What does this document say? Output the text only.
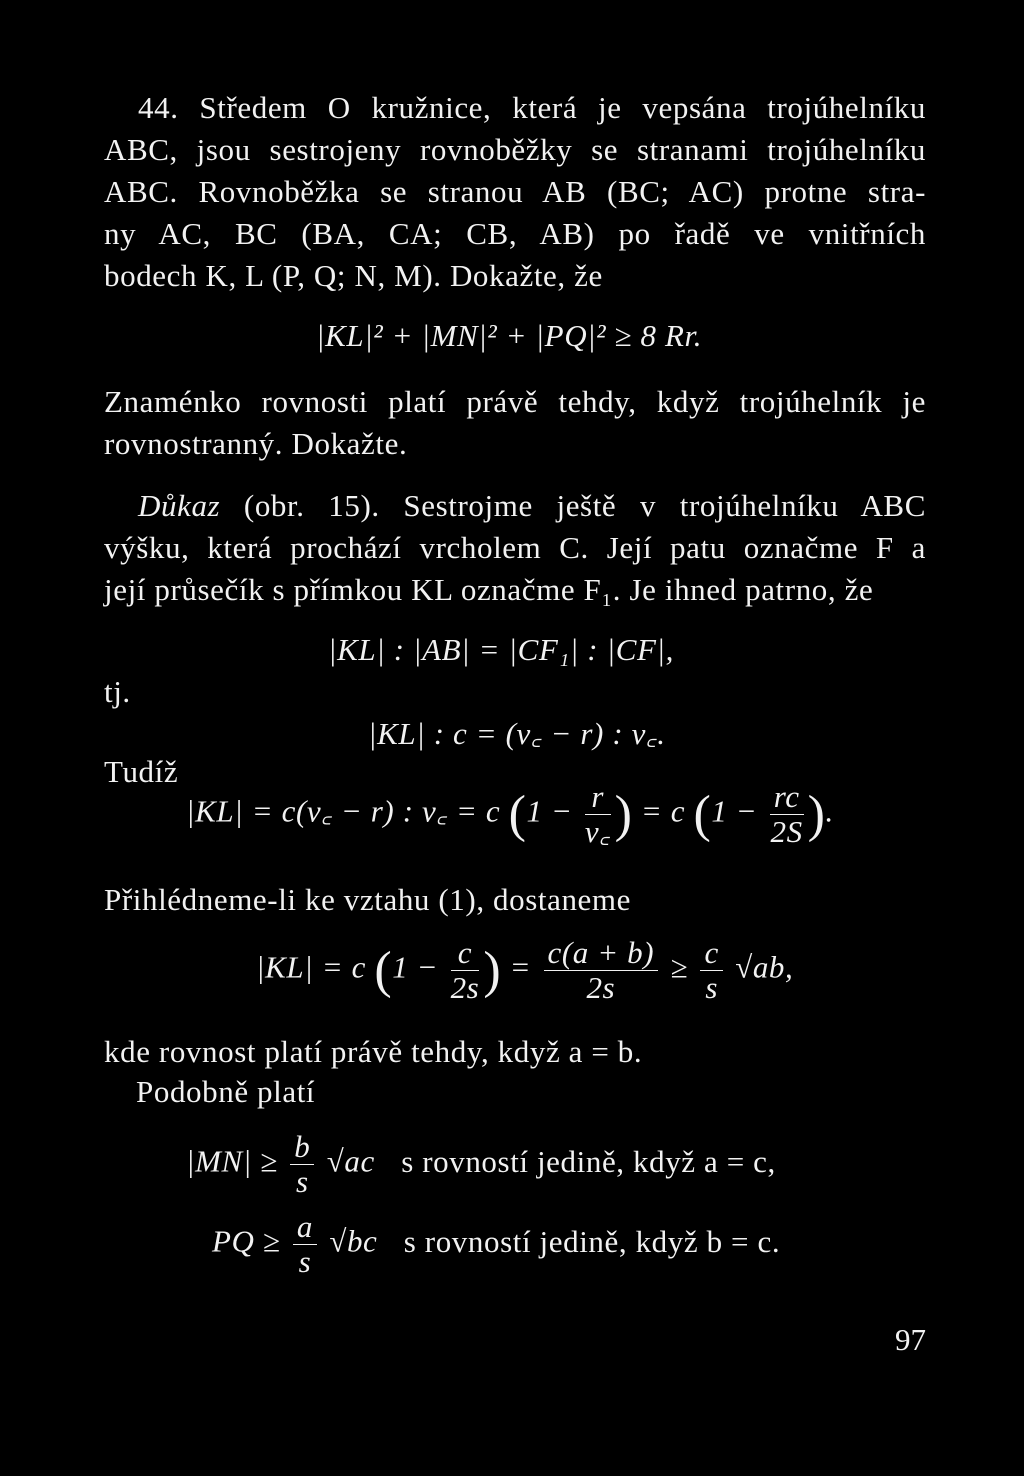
44. Středem O kružnice, která je vepsána trojúhelníku
ABC, jsou sestrojeny rovnoběžky se stranami trojúhelníku
ABC. Rovnoběžka se stranou AB (BC; AC) protne stra-
ny AC, BC (BA, CA; CB, AB) po řadě ve vnitřních
bodech K, L (P, Q; N, M). Dokažte, že
|KL|² + |MN|² + |PQ|² ≥ 8 Rr.
Znaménko rovnosti platí právě tehdy, když trojúhelník je
rovnostranný. Dokažte.
Důkaz (obr. 15). Sestrojme ještě v trojúhelníku ABC
výšku, která prochází vrcholem C. Její patu označme F a
její průsečík s přímkou KL označme F₁. Je ihned patrno, že
|KL| : |AB| = |CF₁| : |CF|,
tj.
|KL| : c = (v꜀ − r) : v꜀.
Tudíž
|KL| = c(v꜀ − r) : v꜀ = c ($1 - \frac{r}{v꜀}$ ) = c ($1 - \frac{rc}{2S}$ ).
Přihlédneme-li ke vztahu (1), dostaneme
|KL| = c ($1 - \frac{c}{2s}$ ) = $\frac{c(a + b)}{2s} \ge \frac{c}{s} √ab$,
kde rovnost platí právě tehdy, když a = b.
Podobně platí
$|MN| \ge \frac{b}{s} √ac$ s rovností jedině, když a = c,
PQ ≥ $\frac{a}{s} √bc$ s rovností jedině, když b = c.
97
